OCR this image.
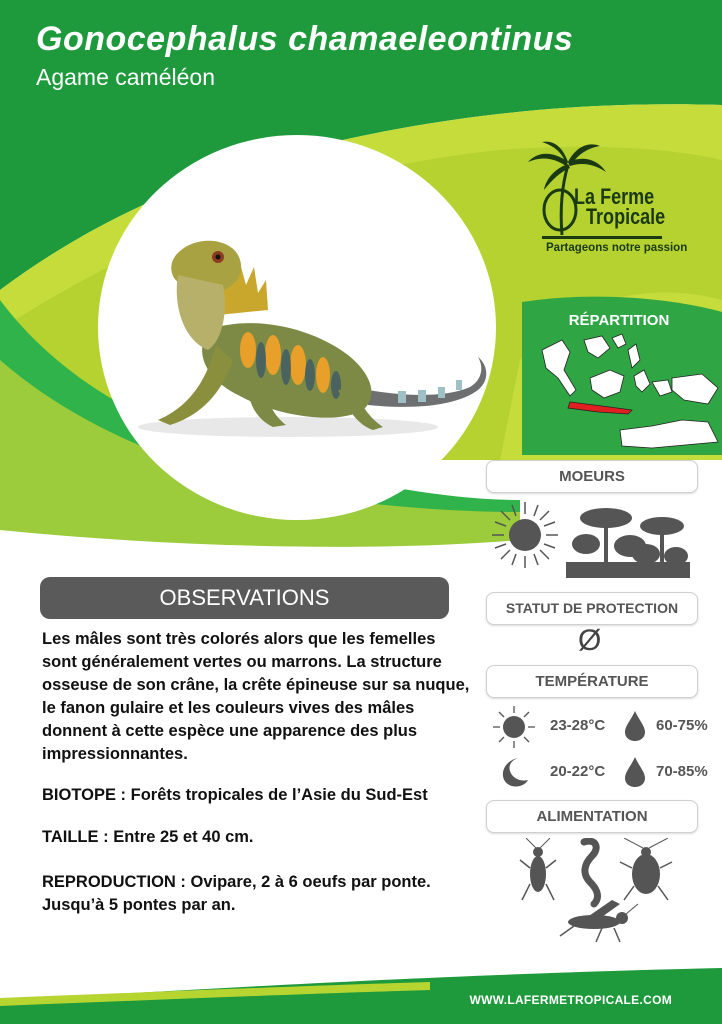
Gonocephalus chamaeleontinus
Agame caméléon
La Ferme
Tropicale
Partageons notre passion
RÉPARTITION
MOEURS
STATUT DE PROTECTION
Ø
TEMPÉRATURE
23-28°C	60-75%
20-22°C	70-85%
ALIMENTATION
OBSERVATIONS
Les mâles sont très colorés alors que les femelles sont généralement vertes ou marrons. La structure osseuse de son crâne, la crête épineuse sur sa nuque, le fanon gulaire et les couleurs vives des mâles donnent à cette espèce une apparence des plus impressionnantes.
BIOTOPE : Forêts tropicales de l’Asie du Sud-Est
TAILLE : Entre 25 et 40 cm.
REPRODUCTION : Ovipare, 2 à 6 oeufs par ponte. Jusqu’à 5 pontes par an.
WWW.LAFERMETROPICALE.COM
